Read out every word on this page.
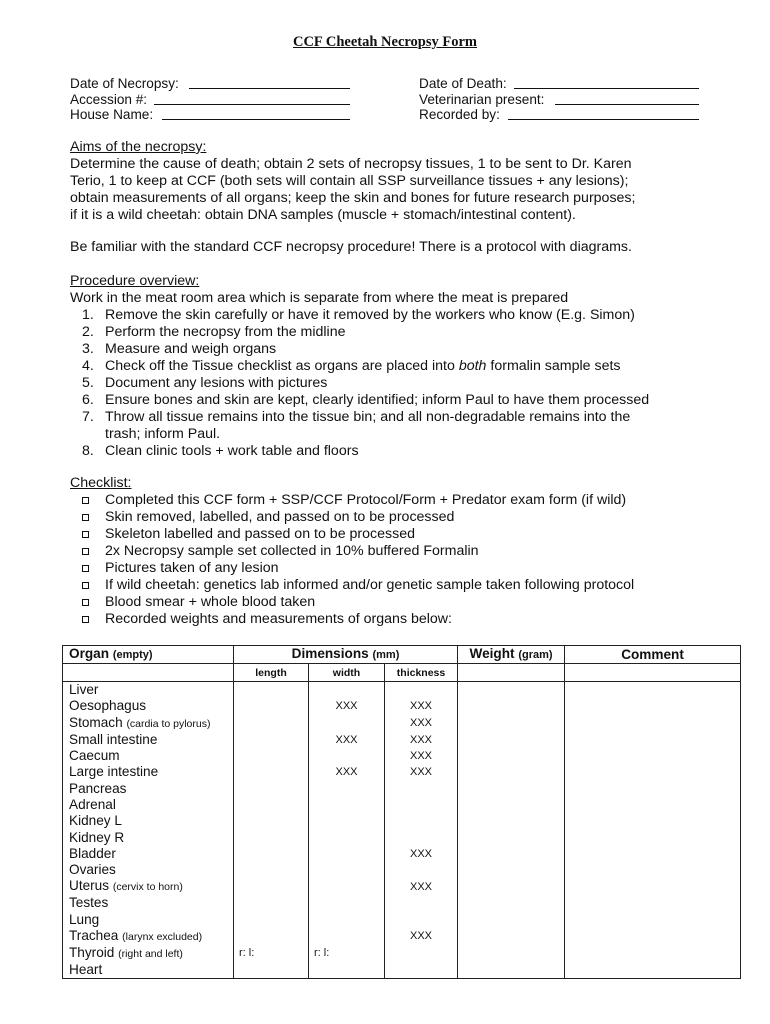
CCF Cheetah Necropsy Form
Date of Necropsy:
Accession #:
House Name:
Date of Death:
Veterinarian present:
Recorded by:

Aims of the necropsy:

Determine the cause of death; obtain 2 sets of necropsy tissues, 1 to be sent to Dr. Karen

Terio, 1 to keep at CCF (both sets will contain all SSP surveillance tissues + any lesions);

obtain measurements of all organs; keep the skin and bones for future research purposes;

if it is a wild cheetah: obtain DNA samples (muscle + stomach/intestinal content).

Be familiar with the standard CCF necropsy procedure! There is a protocol with diagrams.

Procedure overview:

Work in the meat room area which is separate from where the meat is prepared

1. Remove the skin carefully or have it removed by the workers who know (E.g. Simon)
2. Perform the necropsy from the midline
3. Measure and weigh organs
4. Check off the Tissue checklist as organs are placed into both formalin sample sets
5. Document any lesions with pictures
6. Ensure bones and skin are kept, clearly identified; inform Paul to have them processed
7. Throw all tissue remains into the tissue bin; and all non-degradable remains into the
trash; inform Paul.
8. Clean clinic tools + work table and floors

Checklist:

Completed this CCF form + SSP/CCF Protocol/Form + Predator exam form (if wild)
Skin removed, labelled, and passed on to be processed
Skeleton labelled and passed on to be processed
2x Necropsy sample set collected in 10% buffered Formalin
Pictures taken of any lesion
If wild cheetah: genetics lab informed and/or genetic sample taken following protocol
Blood smear + whole blood taken
Recorded weights and measurements of organs below:
Organ (empty)	Dimensions (mm)			Weight (gram)	Comment
	length	width	thickness		
Liver					
Oesophagus		XXX	XXX		
Stomach (cardia to pylorus)			XXX		
Small intestine		XXX	XXX		
Caecum			XXX		
Large intestine		XXX	XXX		
Pancreas					
Adrenal					
Kidney L					
Kidney R					
Bladder			XXX		
Ovaries					
Uterus (cervix to horn)			XXX		
Testes					
Lung					
Trachea (larynx excluded)			XXX		
Thyroid (right and left)	r: l:	r: l:			
Heart					
